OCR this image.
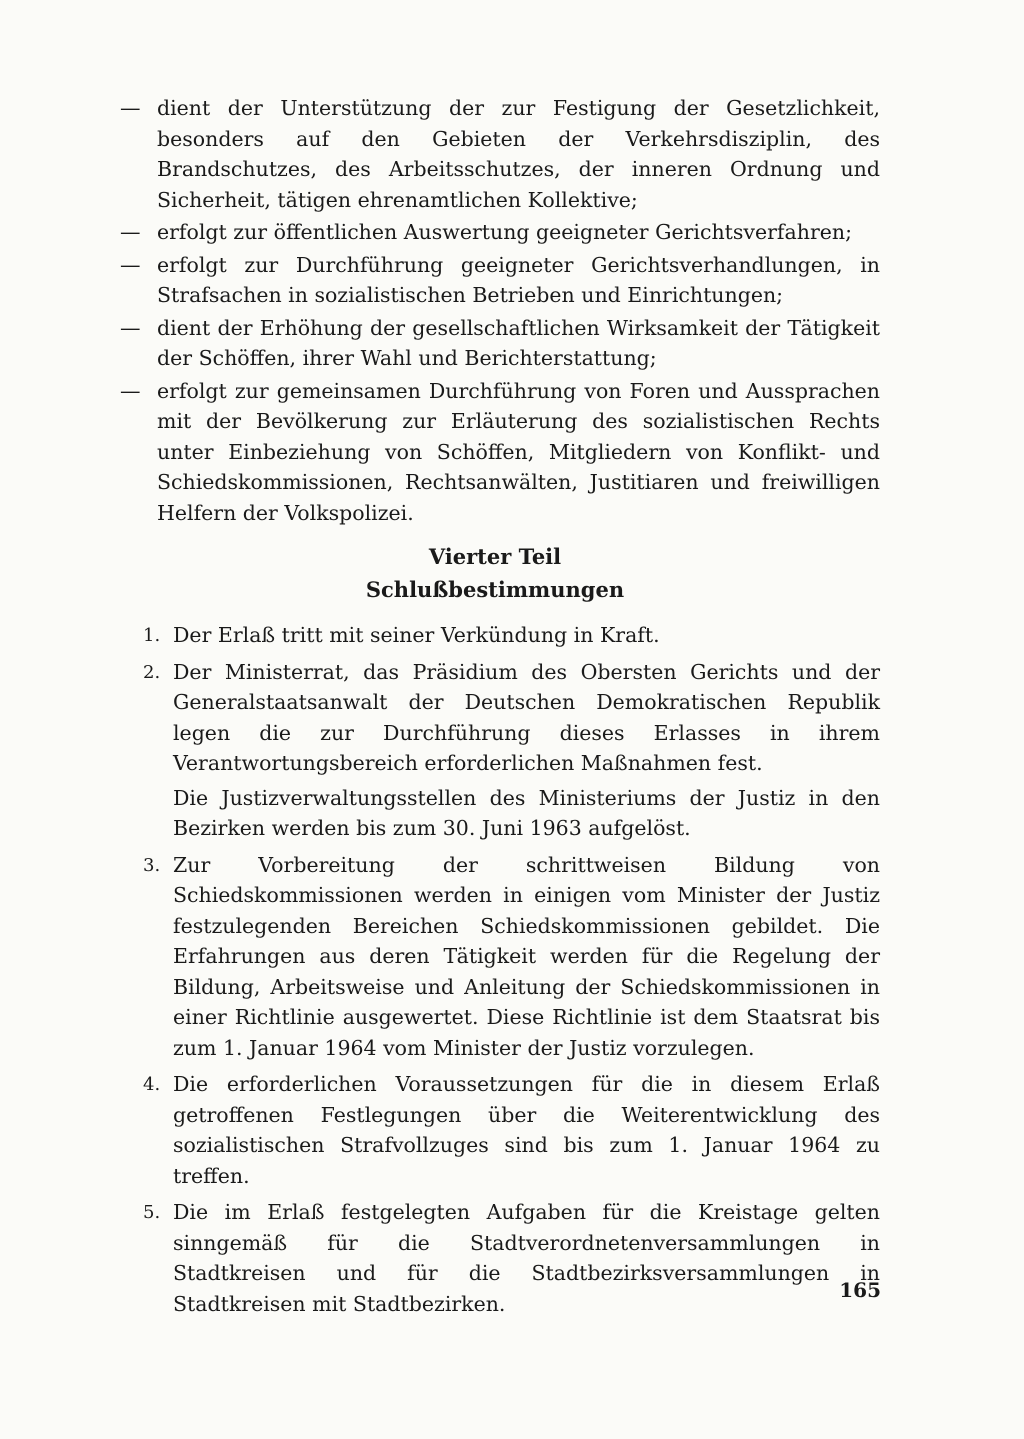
— dient der Unterstützung der zur Festigung der Gesetzlichkeit, besonders auf den Gebieten der Verkehrsdisziplin, des Brandschutzes, des Arbeitsschutzes, der inneren Ordnung und Sicherheit, tätigen ehrenamtlichen Kollektive;
— erfolgt zur öffentlichen Auswertung geeigneter Gerichtsverfahren;
— erfolgt zur Durchführung geeigneter Gerichtsverhandlungen, in Strafsachen in sozialistischen Betrieben und Einrichtungen;
— dient der Erhöhung der gesellschaftlichen Wirksamkeit der Tätigkeit der Schöffen, ihrer Wahl und Berichterstattung;
— erfolgt zur gemeinsamen Durchführung von Foren und Aussprachen mit der Bevölkerung zur Erläuterung des sozialistischen Rechts unter Einbeziehung von Schöffen, Mitgliedern von Konflikt- und Schiedskommissionen, Rechtsanwälten, Justitiaren und freiwilligen Helfern der Volkspolizei.
Vierter Teil
Schlußbestimmungen
1. Der Erlaß tritt mit seiner Verkündung in Kraft.

2. Der Ministerrat, das Präsidium des Obersten Gerichts und der Generalstaatsanwalt der Deutschen Demokratischen Republik legen die zur Durchführung dieses Erlasses in ihrem Verantwortungsbereich erforderlichen Maßnahmen fest.

Die Justizverwaltungsstellen des Ministeriums der Justiz in den Bezirken werden bis zum 30. Juni 1963 aufgelöst.

3. Zur Vorbereitung der schrittweisen Bildung von Schiedskommissionen werden in einigen vom Minister der Justiz festzulegenden Bereichen Schiedskommissionen gebildet. Die Erfahrungen aus deren Tätigkeit werden für die Regelung der Bildung, Arbeitsweise und Anleitung der Schiedskommissionen in einer Richtlinie ausgewertet. Diese Richtlinie ist dem Staatsrat bis zum 1. Januar 1964 vom Minister der Justiz vorzulegen.

4. Die erforderlichen Voraussetzungen für die in diesem Erlaß getroffenen Festlegungen über die Weiterentwicklung des sozialistischen Strafvollzuges sind bis zum 1. Januar 1964 zu treffen.

5. Die im Erlaß festgelegten Aufgaben für die Kreistage gelten sinngemäß für die Stadtverordnetenversammlungen in Stadtkreisen und für die Stadtbezirksversammlungen in Stadtkreisen mit Stadtbezirken.

165
